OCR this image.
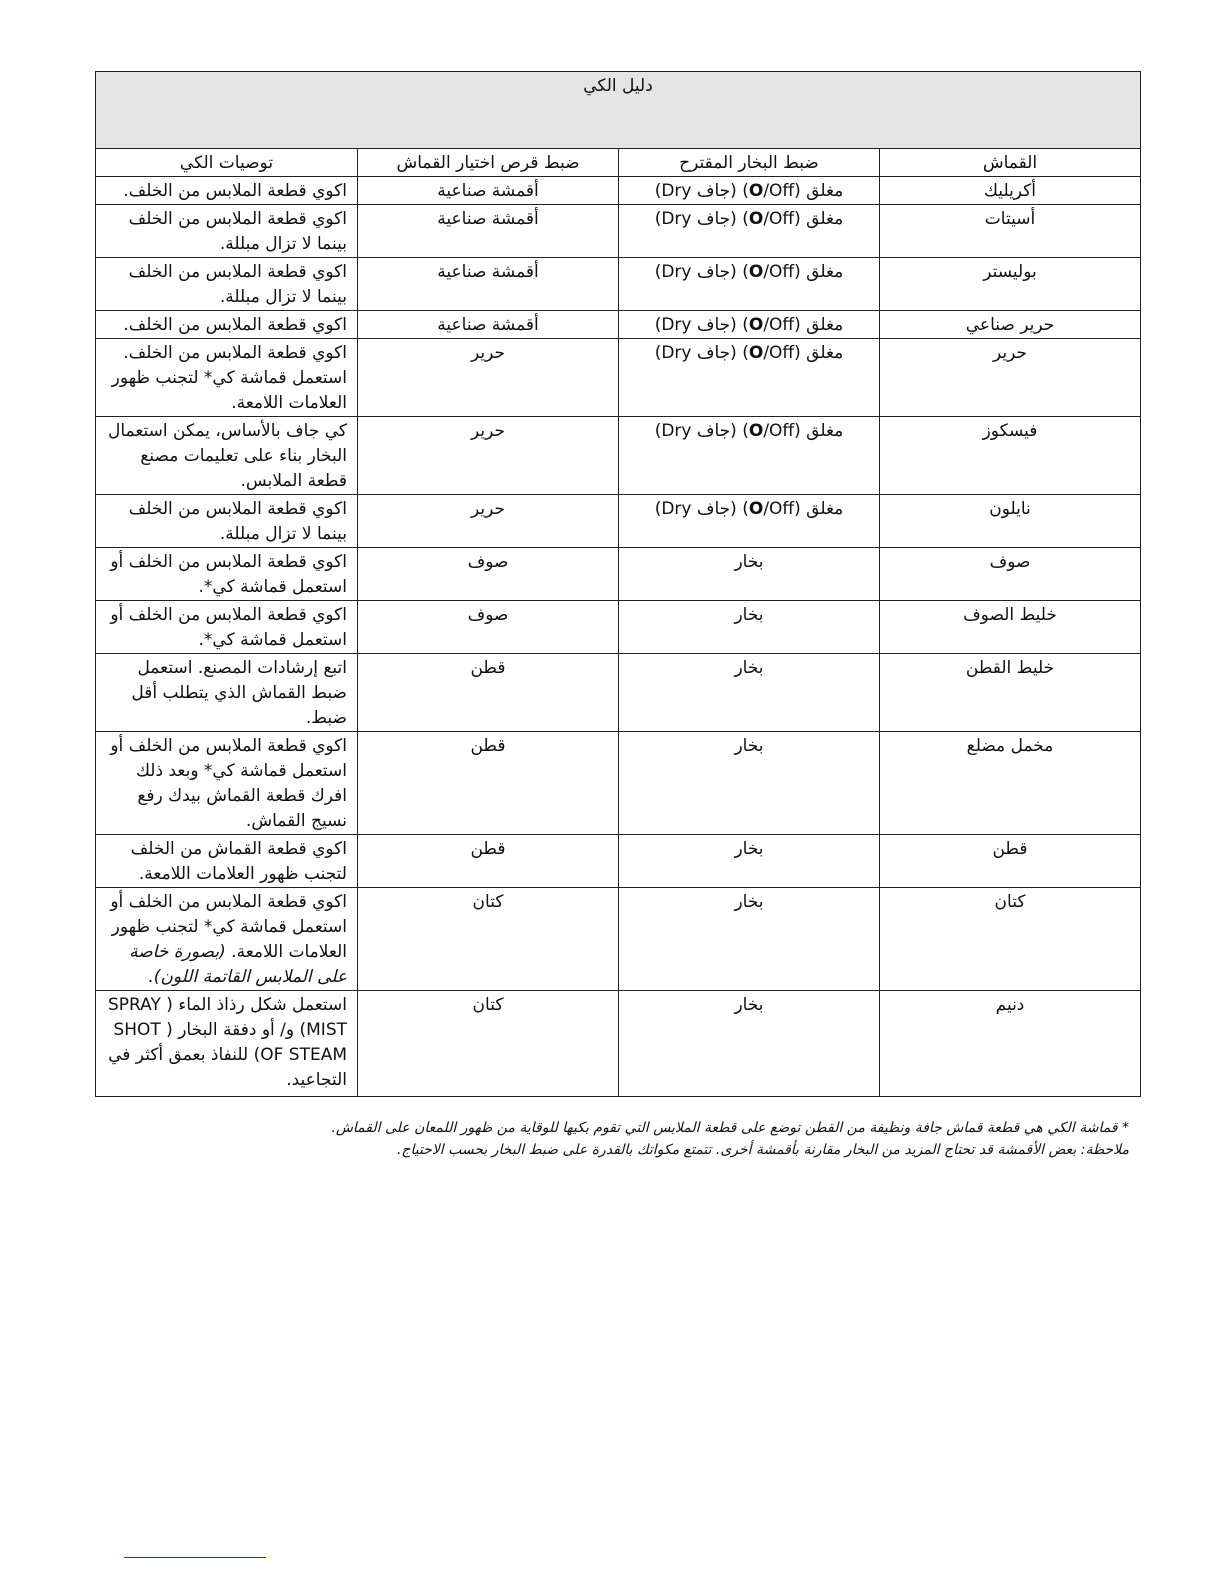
دليل الكي			
القماش	ضبط البخار المقترح	ضبط قرص اختيار القماش	توصيات الكي
أكريليك	مغلق (O/Off) (جاف Dry)	أقمشة صناعية	اكوي قطعة الملابس من الخلف.
أسيتات	مغلق (O/Off) (جاف Dry)	أقمشة صناعية	اكوي قطعة الملابس من الخلف بينما لا تزال مبللة.
بوليستر	مغلق (O/Off) (جاف Dry)	أقمشة صناعية	اكوي قطعة الملابس من الخلف بينما لا تزال مبللة.
حرير صناعي	مغلق (O/Off) (جاف Dry)	أقمشة صناعية	اكوي قطعة الملابس من الخلف.
حرير	مغلق (O/Off) (جاف Dry)	حرير	اكوي قطعة الملابس من الخلف. استعمل قماشة كي* لتجنب ظهور العلامات اللامعة.
فيسكوز	مغلق (O/Off) (جاف Dry)	حرير	كي جاف بالأساس، يمكن استعمال البخار بناء على تعليمات مصنع قطعة الملابس.
نايلون	مغلق (O/Off) (جاف Dry)	حرير	اكوي قطعة الملابس من الخلف بينما لا تزال مبللة.
صوف	بخار	صوف	اكوي قطعة الملابس من الخلف أو استعمل قماشة كي*.
خليط الصوف	بخار	صوف	اكوي قطعة الملابس من الخلف أو استعمل قماشة كي*.
خليط القطن	بخار	قطن	اتبع إرشادات المصنع. استعمل ضبط القماش الذي يتطلب أقل ضبط.
مخمل مضلع	بخار	قطن	اكوي قطعة الملابس من الخلف أو استعمل قماشة كي* وبعد ذلك افرك قطعة القماش بيدك رفع نسيج القماش.
قطن	بخار	قطن	اكوي قطعة القماش من الخلف لتجنب ظهور العلامات اللامعة.
كتان	بخار	كتان	اكوي قطعة الملابس من الخلف أو استعمل قماشة كي* لتجنب ظهور العلامات اللامعة. (بصورة خاصة على الملابس القاتمة اللون).
دنيم	بخار	كتان	استعمل شكل رذاذ الماء ( SPRAY MIST) و/ أو دفقة البخار ( SHOT OF STEAM) للنفاذ بعمق أكثر في التجاعيد.
* قماشة الكي هي قطعة قماش جافة ونظيفة من القطن توضع على قطعة الملابس التي تقوم بكيها للوقاية من ظهور اللمعان على القماش.
ملاحظة: بعض الأقمشة قد تحتاج المزيد من البخار مقارنة بأقمشة أخرى. تتمتع مكواتك بالقدرة على ضبط البخار بحسب الاحتياج.
